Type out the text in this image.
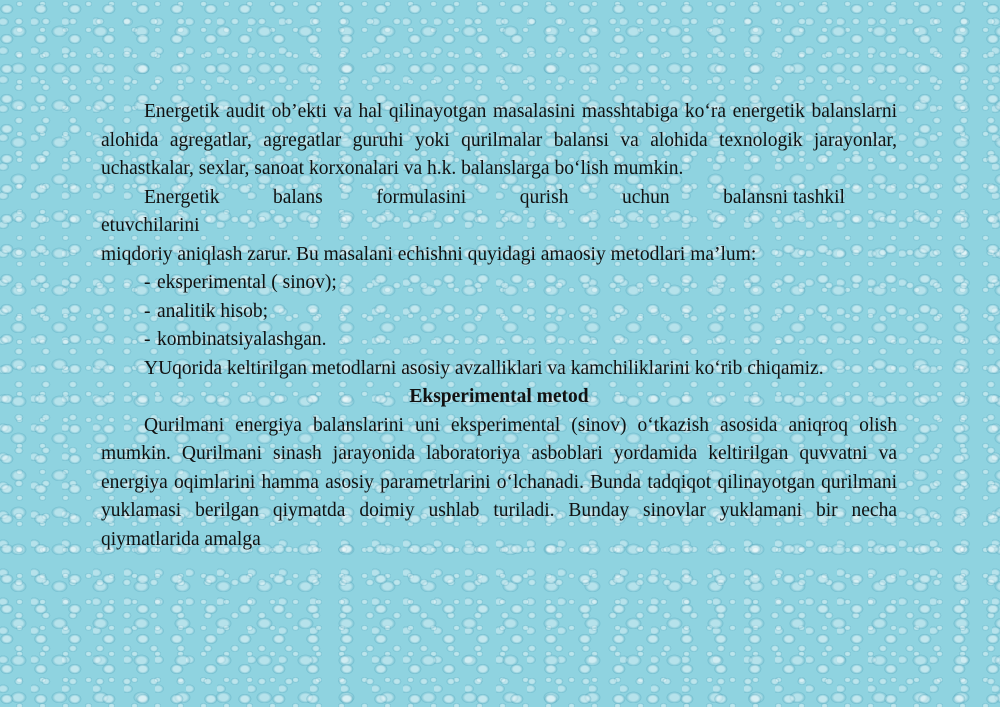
Energetik audit ob’ekti va hal qilinayotgan masalasini masshtabiga ko‘ra energetik balanslarni alohida agregatlar, agregatlar guruhi yoki qurilmalar balansi va alohida texnologik jarayonlar, uchastkalar, sexlar, sanoat korxonalari va h.k. balanslarga bo‘lish mumkin.

Energetik	balans	formulasini	qurish	uchun	balansni tashkil

etuvchilarini

miqdoriy aniqlash zarur. Bu masalani echishni quyidagi amaosiy metodlari ma’lum:

- eksperimental ( sinov);

- analitik hisob;

- kombinatsiyalashgan.

YUqorida keltirilgan metodlarni asosiy avzalliklari va kamchiliklarini ko‘rib chiqamiz.

Eksperimental metod

Qurilmani energiya balanslarini uni eksperimental (sinov) o‘tkazish asosida aniqroq olish mumkin. Qurilmani sinash jarayonida laboratoriya asboblari yordamida keltirilgan quvvatni va energiya oqimlarini hamma asosiy parametrlarini o‘lchanadi. Bunda tadqiqot qilinayotgan qurilmani yuklamasi berilgan qiymatda doimiy ushlab turiladi. Bunday sinovlar yuklamani bir necha qiymatlarida amalga
